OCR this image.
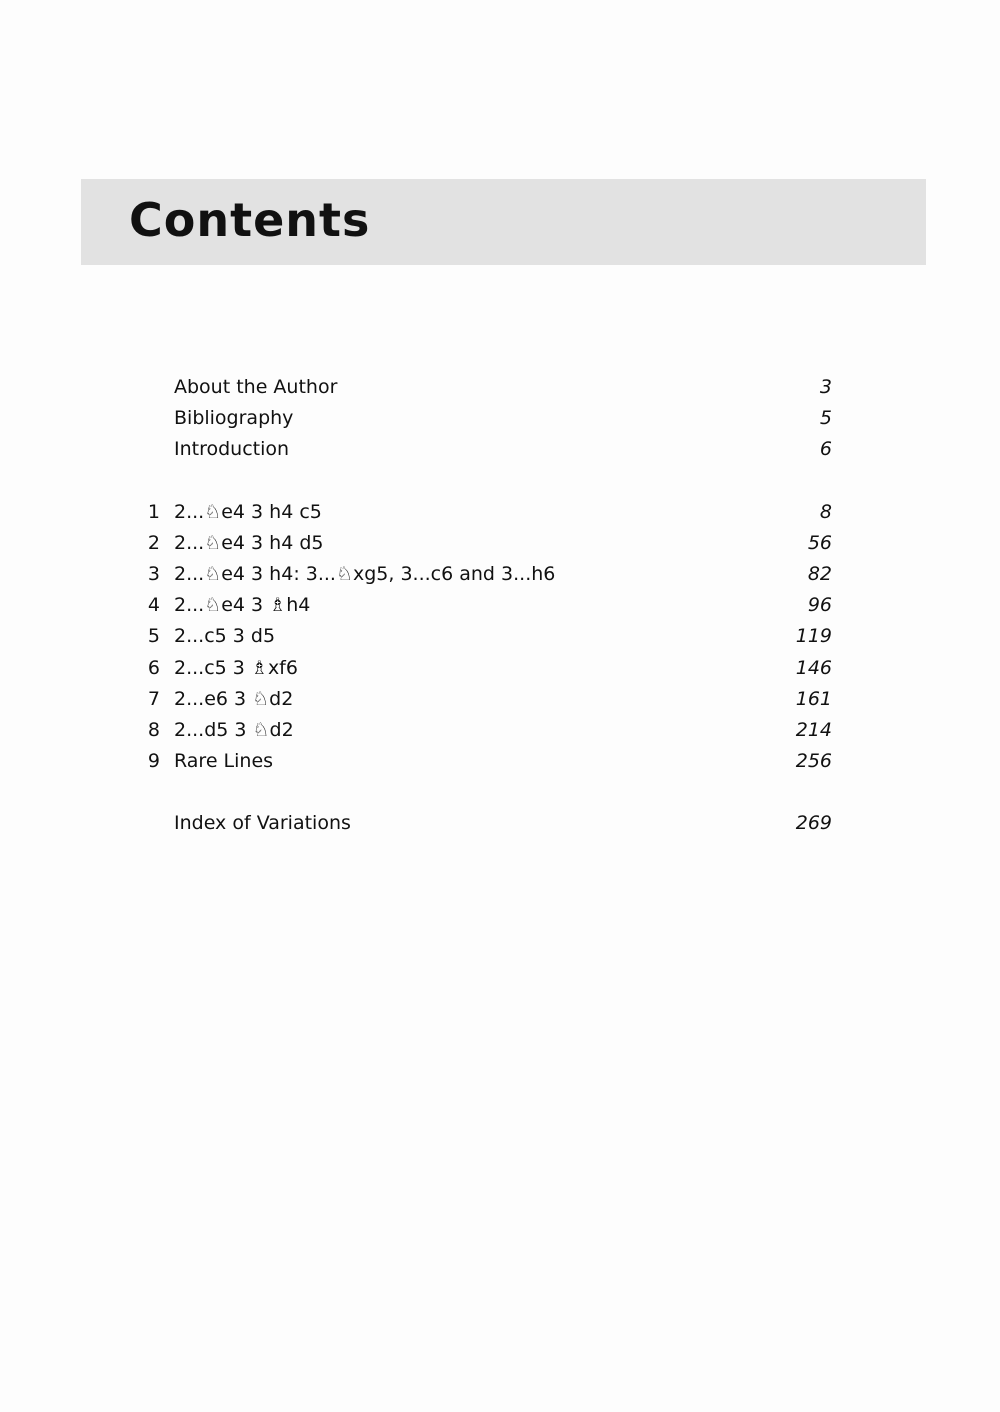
Contents
About the Author	3
Bibliography	5
Introduction	6
1 2...♘e4 3 h4 c5	8
2 2...♘e4 3 h4 d5	56
3 2...♘e4 3 h4: 3...♘xg5, 3...c6 and 3...h6	82
4 2...♘e4 3 ♗h4	96
5 2...c5 3 d5	119
6 2...c5 3 ♗xf6	146
7 2...e6 3 ♘d2	161
8 2...d5 3 ♘d2	214
9 Rare Lines	256
Index of Variations	269
